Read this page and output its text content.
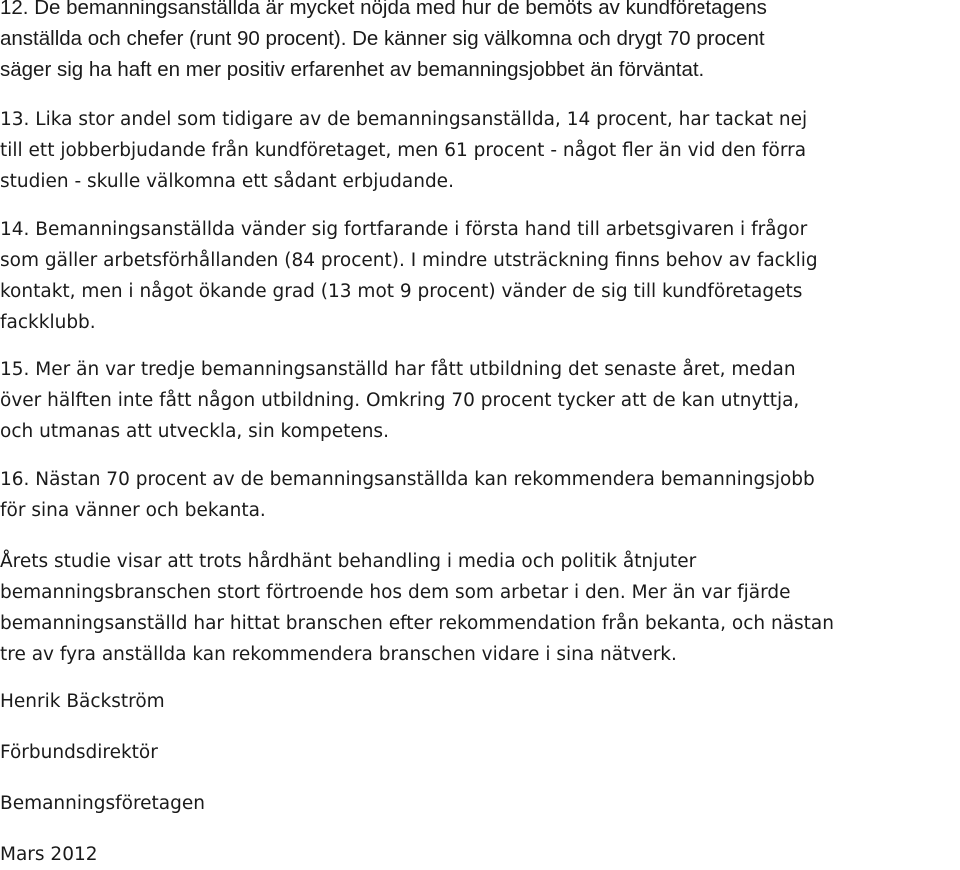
12. De bemanningsanställda är mycket nöjda med hur de bemöts av kundföretagens
anställda och chefer (runt 90 procent). De känner sig välkomna och drygt 70 procent
säger sig ha haft en mer positiv erfarenhet av bemanningsjobbet än förväntat.

13. Lika stor andel som tidigare av de bemanningsanställda, 14 procent, har tackat nej
till ett jobberbjudande från kundföretaget, men 61 procent - något fler än vid den förra
studien - skulle välkomna ett sådant erbjudande.

14. Bemanningsanställda vänder sig fortfarande i första hand till arbetsgivaren i frågor
som gäller arbetsförhållanden (84 procent). I mindre utsträckning finns behov av facklig
kontakt, men i något ökande grad (13 mot 9 procent) vänder de sig till kundföretagets
fackklubb.

15. Mer än var tredje bemanningsanställd har fått utbildning det senaste året, medan
över hälften inte fått någon utbildning. Omkring 70 procent tycker att de kan utnyttja,
och utmanas att utveckla, sin kompetens.

16. Nästan 70 procent av de bemanningsanställda kan rekommendera bemanningsjobb
för sina vänner och bekanta.

Årets studie visar att trots hårdhänt behandling i media och politik åtnjuter
bemanningsbranschen stort förtroende hos dem som arbetar i den. Mer än var fjärde
bemanningsanställd har hittat branschen efter rekommendation från bekanta, och nästan
tre av fyra anställda kan rekommendera branschen vidare i sina nätverk.

Henrik Bäckström

Förbundsdirektör

Bemanningsföretagen

Mars 2012
